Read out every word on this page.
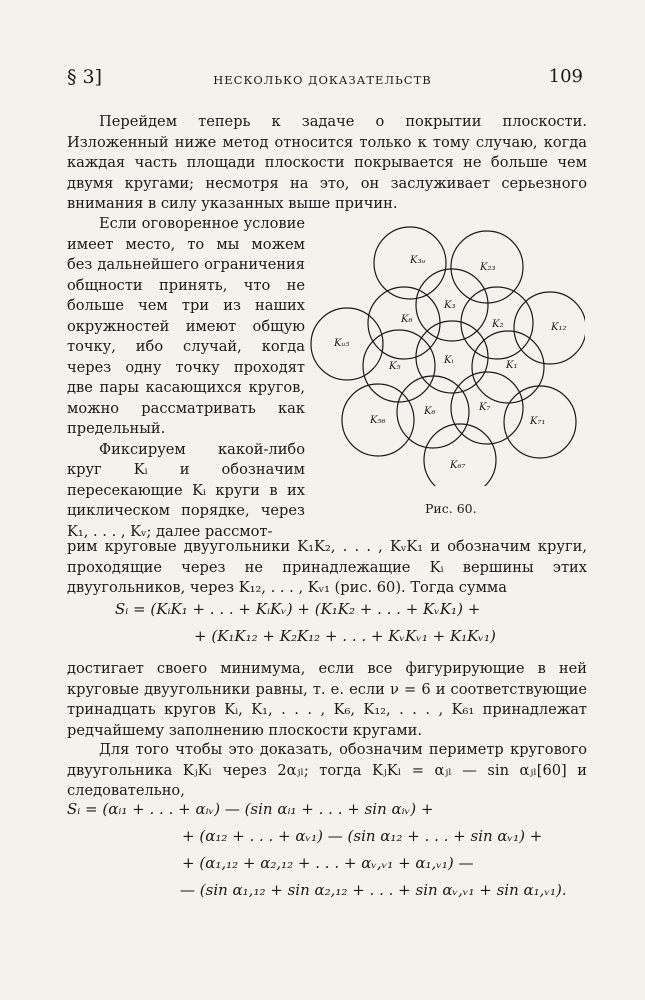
§ 3]	НЕСКОЛЬКО ДОКАЗАТЕЛЬСТВ	109
Перейдем теперь к задаче о покрытии плоскости. Изложенный ниже метод относится только к тому случаю, когда каждая часть площади плоскости покрывается не больше чем двумя кругами; несмотря на это, он заслуживает серьезного внимания в силу указанных выше причин.
Если оговоренное условие имеет место, то мы можем без дальнейшего ограничения общности принять, что не больше чем три из наших окружностей имеют общую точку, ибо случай, когда через одну точку проходят две пары касающихся кругов, можно рассматривать как предельный.
Фиксируем какой-либо круг Kᵢ и обозначим пересекающие Kᵢ круги в их циклическом порядке, через K₁, . . . , Kᵥ; далее рассмот-
K₃ᵤ
K₂₃
K₃
K₆	K₂	K₁₂
Kᵤ₅
K₅
Kᵢ	K₁
K₅₆
K₆	K₇
K₇₁
K₆₇
Рис. 60.
рим круговые двуугольники K₁K₂, . . . , KᵥK₁ и обозначим круги, проходящие через не принадлежащие Kᵢ вершины этих двуугольников, через K₁₂, . . . , Kᵥ₁ (рис. 60). Тогда сумма
Sᵢ = (KᵢK₁ + . . . + KᵢKᵥ) + (K₁K₂ + . . . + KᵥK₁) +
+ (K₁K₁₂ + K₂K₁₂ + . . . + KᵥKᵥ₁ + K₁Kᵥ₁)
достигает своего минимума, если все фигурирующие в ней круговые двуугольники равны, т. е. если ν = 6 и соответствующие тринадцать кругов Kᵢ, K₁, . . . , K₆, K₁₂, . . . , K₆₁ принадлежат редчайшему заполнению плоскости кругами.
Для того чтобы это доказать, обозначим периметр кругового двуугольника KⱼKₗ через 2αⱼₗ; тогда KⱼKₗ = αⱼₗ — sin αⱼₗ[60] и следовательно,
Sᵢ = (αᵢ₁ + . . . + αᵢᵥ) — (sin αᵢ₁ + . . . + sin αᵢᵥ) +
+ (α₁₂ + . . . + αᵥ₁) — (sin α₁₂ + . . . + sin αᵥ₁) +
+ (α₁,₁₂ + α₂,₁₂ + . . . + αᵥ,ᵥ₁ + α₁,ᵥ₁) —
— (sin α₁,₁₂ + sin α₂,₁₂ + . . . + sin αᵥ,ᵥ₁ + sin α₁,ᵥ₁).
